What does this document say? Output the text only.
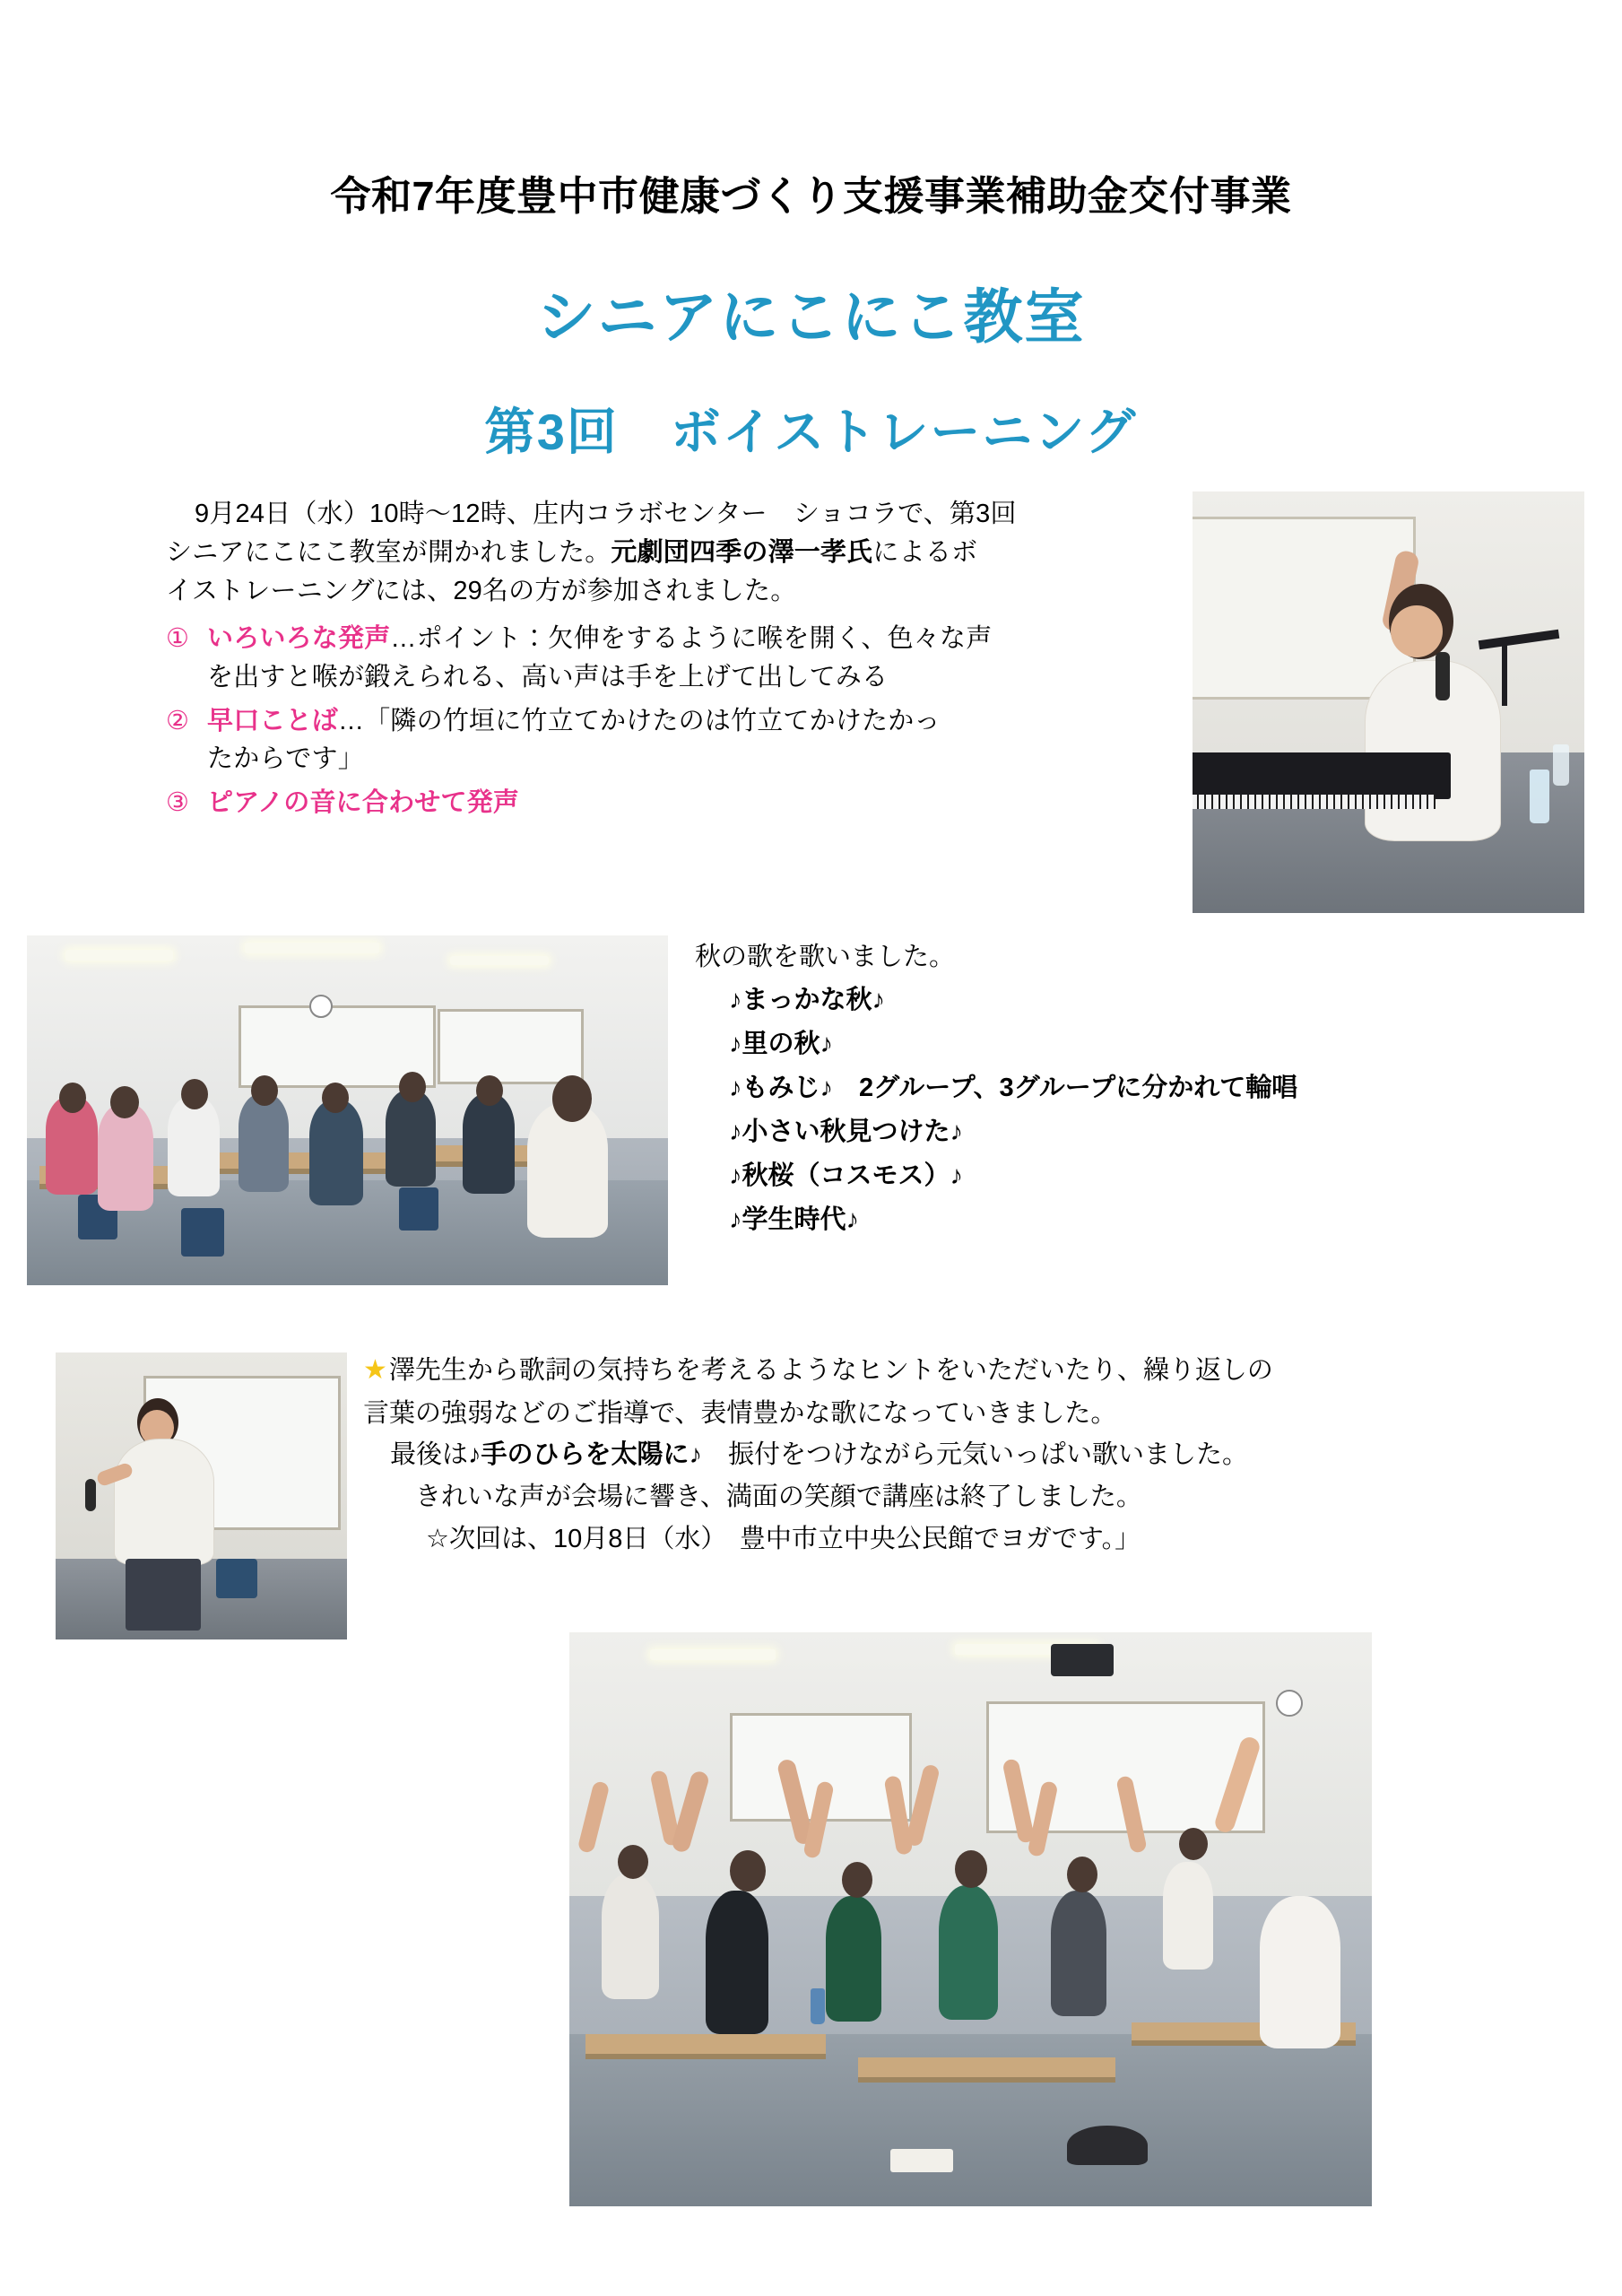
令和7年度豊中市健康づくり支援事業補助金交付事業
シニアにこにこ教室
第3回　ボイストレーニング

9月24日（水）10時～12時、庄内コラボセンター　ショコラで、第3回

シニアにこにこ教室が開かれました。元劇団四季の澤一孝氏によるボ

イストレーニングには、29名の方が参加されました。

① いろいろな発声…ポイント：欠伸をするように喉を開く、色々な声
を出すと喉が鍛えられる、高い声は手を上げて出してみる
② 早口ことば…「隣の竹垣に竹立てかけたのは竹立てかけたかっ
たからです」
③ ピアノの音に合わせて発声

秋の歌を歌いました。

♪まっかな秋♪
♪里の秋♪
♪もみじ♪　2グループ、3グループに分かれて輪唱
♪小さい秋見つけた♪
♪秋桜（コスモス）♪
♪学生時代♪

★澤先生から歌詞の気持ちを考えるようなヒントをいただいたり、繰り返しの

言葉の強弱などのご指導で、表情豊かな歌になっていきました。

最後は♪手のひらを太陽に♪　振付をつけながら元気いっぱい歌いました。

きれいな声が会場に響き、満面の笑顔で講座は終了しました。

☆次回は、10月8日（水）　豊中市立中央公民館でヨガです。」
